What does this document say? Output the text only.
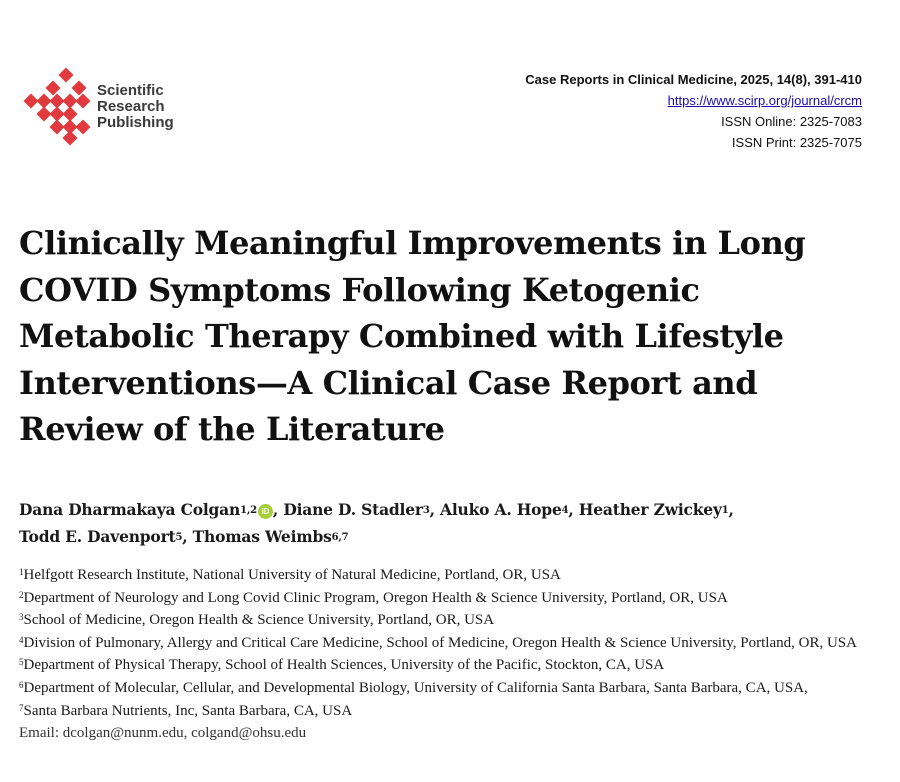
Scientific
Research
Publishing
Case Reports in Clinical Medicine, 2025, 14(8), 391-410
https://www.scirp.org/journal/crcm
ISSN Online: 2325-7083
ISSN Print: 2325-7075
Clinically Meaningful Improvements in Long COVID Symptoms Following Ketogenic Metabolic Therapy Combined with Lifestyle Interventions—A Clinical Case Report and Review of the Literature
Dana Dharmakaya Colgan$^{1,2}$ iD , Diane D. Stadler$^3$, Aluko A. Hope$^4$, Heather Zwickey$^1$,
Todd E. Davenport$^5$, Thomas Weimbs$^{6,7}$
$^1$Helfgott Research Institute, National University of Natural Medicine, Portland, OR, USA
$^2$Department of Neurology and Long Covid Clinic Program, Oregon Health & Science University, Portland, OR, USA
$^3$School of Medicine, Oregon Health & Science University, Portland, OR, USA
$^4$Division of Pulmonary, Allergy and Critical Care Medicine, School of Medicine, Oregon Health & Science University, Portland, OR, USA
$^5$Department of Physical Therapy, School of Health Sciences, University of the Pacific, Stockton, CA, USA
$^6$Department of Molecular, Cellular, and Developmental Biology, University of California Santa Barbara, Santa Barbara, CA, USA,
$^7$Santa Barbara Nutrients, Inc, Santa Barbara, CA, USA
Email: dcolgan@nunm.edu, colgand@ohsu.edu
